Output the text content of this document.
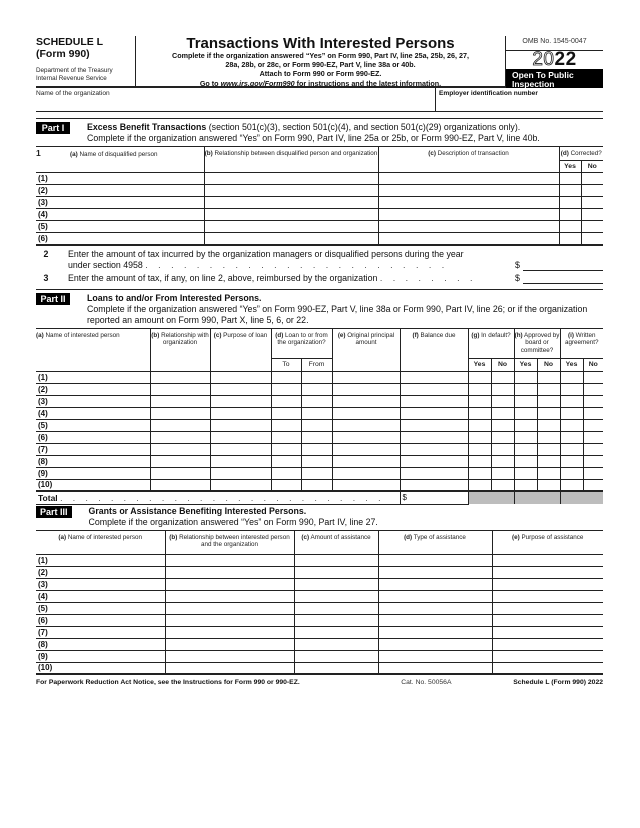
SCHEDULE L
(Form 990)
Department of the Treasury
Internal Revenue Service
Transactions With Interested Persons
Complete if the organization answered “Yes” on Form 990, Part IV, line 25a, 25b, 26, 27,
28a, 28b, or 28c, or Form 990-EZ, Part V, line 38a or 40b.
Attach to Form 990 or Form 990-EZ.
Go to www.irs.gov/Form990 for instructions and the latest information.
OMB No. 1545-0047
2022
Open To Public
Inspection
Name of the organization	Employer identification number
Part I	Excess Benefit Transactions (section 501(c)(3), section 501(c)(4), and section 501(c)(29) organizations only).
Complete if the organization answered “Yes” on Form 990, Part IV, line 25a or 25b, or Form 990-EZ, Part V, line 40b.
1 (a) Name of disqualified person	(b) Relationship between disqualified person and organization	(c) Description of transaction	(d) Corrected?	
			Yes	No
(1)				
(2)				
(3)				
(4)				
(5)				
(6)				
2	Enter the amount of tax incurred by the organization managers or disqualified persons during the year
under section 4958 . . . . . . . . . . . . . . . . . . . . . . . .	$
3	Enter the amount of tax, if any, on line 2, above, reimbursed by the organization . . . . . . . .	$
Part II	Loans to and/or From Interested Persons.
Complete if the organization answered “Yes” on Form 990-EZ, Part V, line 38a or Form 990, Part IV, line 26; or if the organization reported an amount on Form 990, Part X, line 5, 6, or 22.
(a) Name of interested person	(b) Relationship with organization	(c) Purpose of loan	(d) Loan to or from the organization?		(e) Original principal amount	(f) Balance due	(g) In default?		(h) Approved by board or committee?		(i) Written agreement?	
			To	From			Yes	No	Yes	No	Yes	No
(1)												
(2)												
(3)												
(4)												
(5)												
(6)												
(7)												
(8)												
(9)												
(10)												
Total . . . . . . . . . . . . . . . . . . . . . . . . . .						$						
Part III	Grants or Assistance Benefiting Interested Persons.
Complete if the organization answered “Yes” on Form 990, Part IV, line 27.
(a) Name of interested person	(b) Relationship between interested person and the organization	(c) Amount of assistance	(d) Type of assistance	(e) Purpose of assistance
(1)				
(2)				
(3)				
(4)				
(5)				
(6)				
(7)				
(8)				
(9)				
(10)				
For Paperwork Reduction Act Notice, see the Instructions for Form 990 or 990-EZ.	Cat. No. 50056A	Schedule L (Form 990) 2022
